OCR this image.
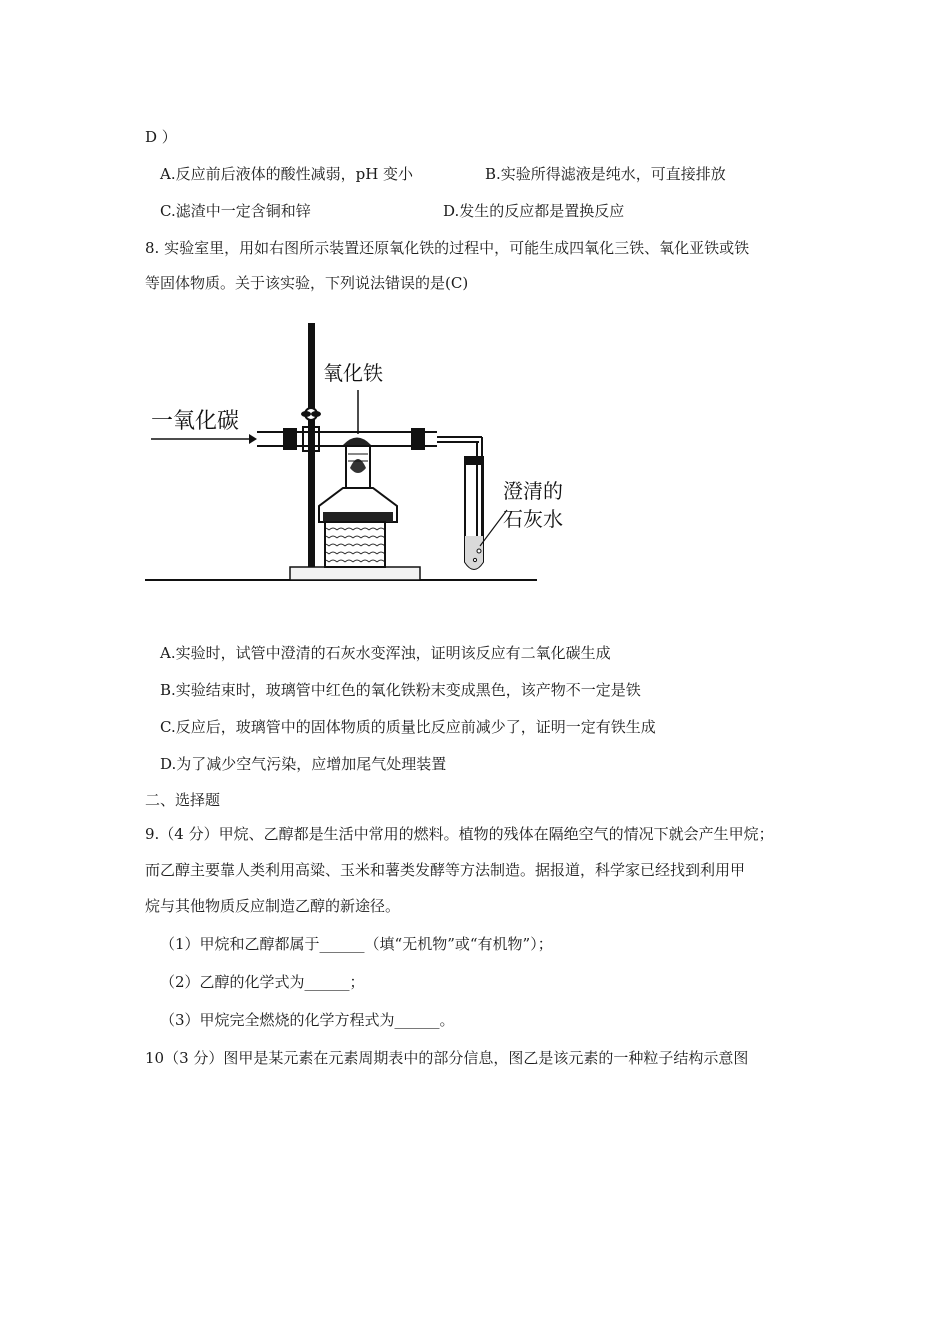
D ）
A.反应前后液体的酸性减弱，pH 变小	B.实验所得滤液是纯水，可直接排放
C.滤渣中一定含铜和锌	D.发生的反应都是置换反应
8. 实验室里，用如右图所示装置还原氧化铁的过程中，可能生成四氧化三铁、氧化亚铁或铁
等固体物质。关于该实验，下列说法错误的是(C)
一氧化碳
氧化铁
澄清的
石灰水
A.实验时，试管中澄清的石灰水变浑浊，证明该反应有二氧化碳生成
B.实验结束时，玻璃管中红色的氧化铁粉末变成黑色，该产物不一定是铁
C.反应后，玻璃管中的固体物质的质量比反应前减少了，证明一定有铁生成
D.为了减少空气污染，应增加尾气处理装置
二、选择题
9.（4 分）甲烷、乙醇都是生活中常用的燃料。植物的残体在隔绝空气的情况下就会产生甲烷；
而乙醇主要靠人类利用高粱、玉米和薯类发酵等方法制造。据报道，科学家已经找到利用甲
烷与其他物质反应制造乙醇的新途径。
（1）甲烷和乙醇都属于______（填“无机物”或“有机物”）；
（2）乙醇的化学式为______；
（3）甲烷完全燃烧的化学方程式为______。
10（3 分）图甲是某元素在元素周期表中的部分信息，图乙是该元素的一种粒子结构示意图
